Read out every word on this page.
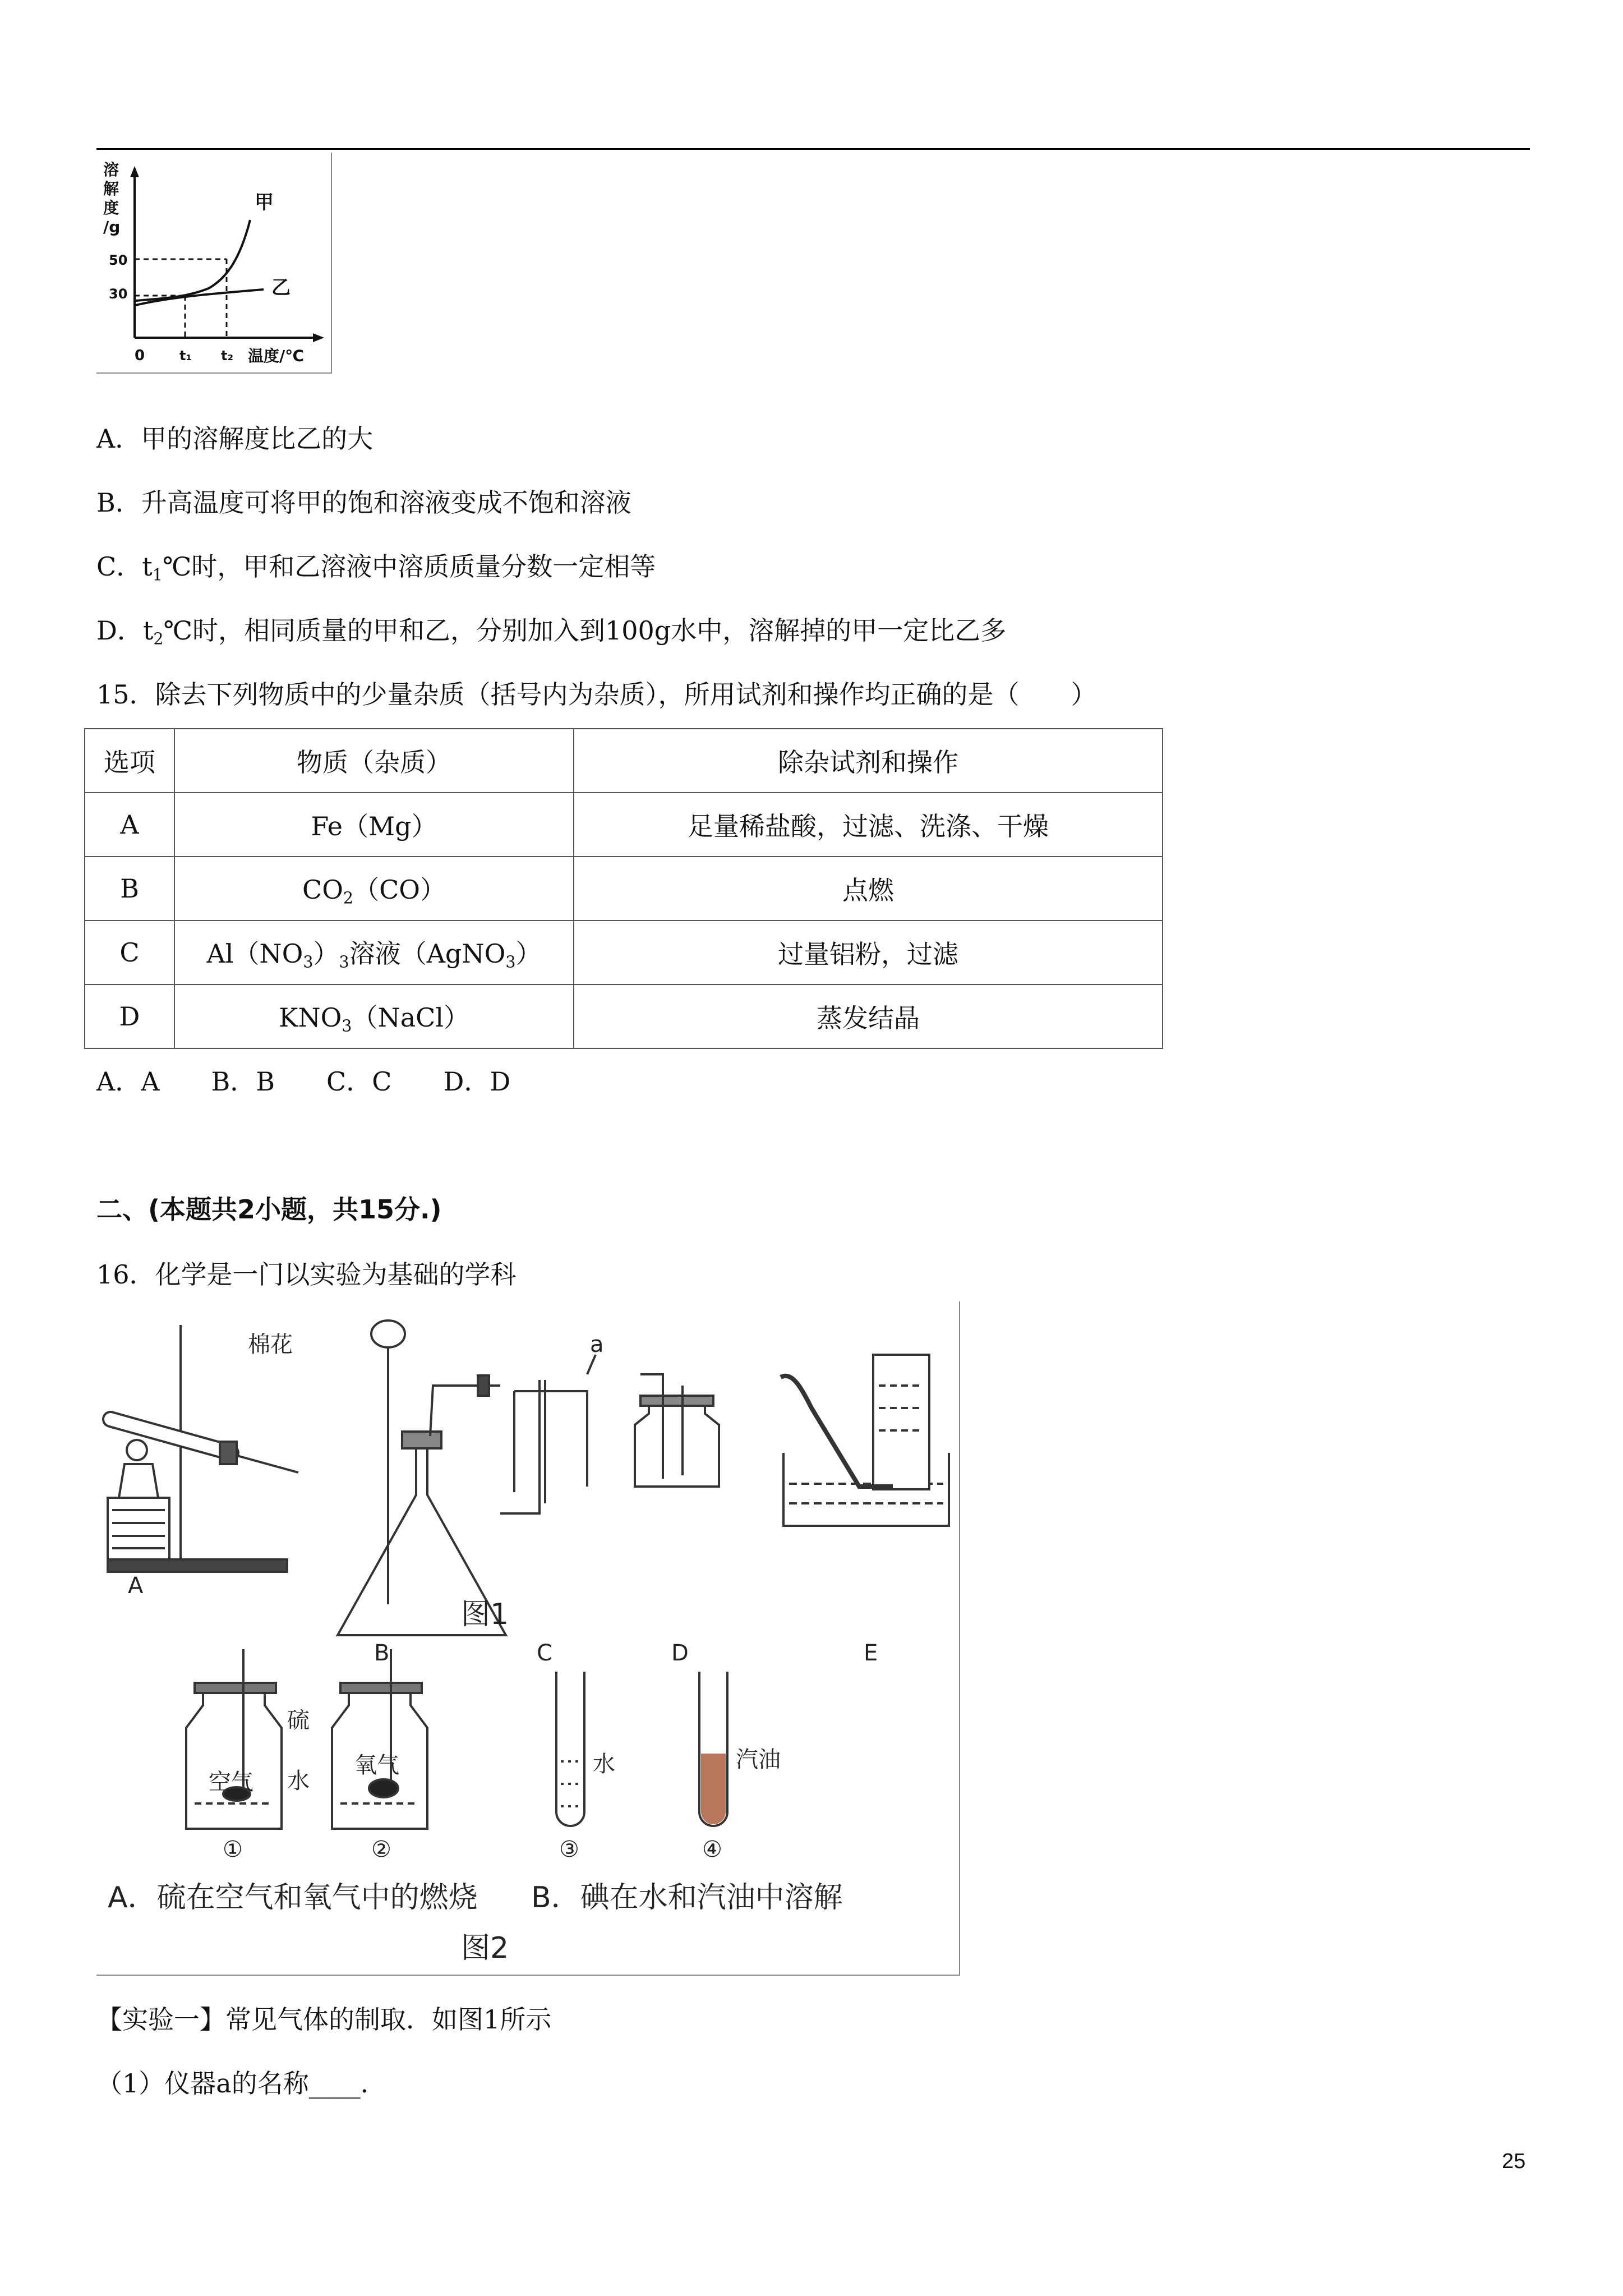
溶
解
度
/g
50
30
0	t₁ t₂ 温度/℃
甲
乙
A．甲的溶解度比乙的大
B．升高温度可将甲的饱和溶液变成不饱和溶液
C．$t_1℃$时，甲和乙溶液中溶质质量分数一定相等
D．$t_2℃$时，相同质量的甲和乙，分别加入到100g水中，溶解掉的甲一定比乙多
15．除去下列物质中的少量杂质（括号内为杂质），所用试剂和操作均正确的是（　　）
选项	物质（杂质）	除杂试剂和操作
A	Fe（Mg）	足量稀盐酸，过滤、洗涤、干燥
B	$CO_2(CO)$	点燃
C	$Al(NO_3)_3$溶液（AgNO$_3$）	过量铝粉，过滤
D	$KNO_3(NaCl)$	蒸发结晶
A．A　　B．B　　C．C　　D．D
二、(本题共2小题，共15分.)
16．化学是一门以实验为基础的学科
A
B	C	D	E
棉花	a
图1
空气
氧气
硫
水
水	汽油
①	②	③	④
A．硫在空气和氧气中的燃烧 B．碘在水和汽油中溶解
图2
【实验一】常见气体的制取．如图1所示
（1）仪器a的名称____．
25
